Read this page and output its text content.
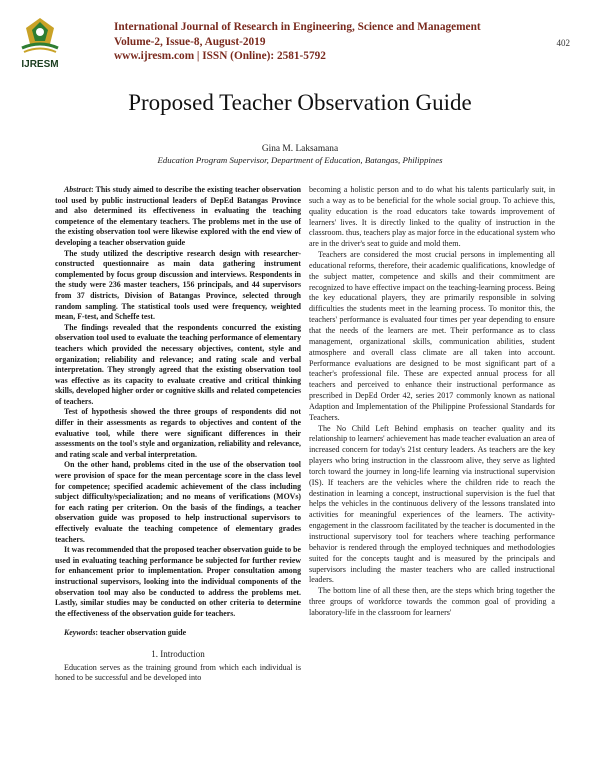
IJRESM
International Journal of Research in Engineering, Science and Management
Volume-2, Issue-8, August-2019
www.ijresm.com | ISSN (Online): 2581-5792
402
Proposed Teacher Observation Guide
Gina M. Laksamana
Education Program Supervisor, Department of Education, Batangas, Philippines

Abstract: This study aimed to describe the existing teacher observation tool used by public instructional leaders of DepEd Batangas Province and also determined its effectiveness in evaluating the teaching competence of the elementary teachers. The problems met in the use of the existing observation tool were likewise explored with the end view of developing a teacher observation guide

The study utilized the descriptive research design with researcher-constructed questionnaire as main data gathering instrument complemented by focus group discussion and interviews. Respondents in the study were 236 master teachers, 156 principals, and 44 supervisors from 37 districts, Division of Batangas Province, selected through random sampling. The statistical tools used were frequency, weighted mean, F-test, and Scheffe test.

The findings revealed that the respondents concurred the existing observation tool used to evaluate the teaching performance of elementary teachers which provided the necessary objectives, content, style and organization; reliability and relevance; and rating scale and verbal interpretation. They strongly agreed that the existing observation tool was effective as its capacity to evaluate creative and critical thinking skills, developed higher order or cognitive skills and related competencies of teachers.

Test of hypothesis showed the three groups of respondents did not differ in their assessments as regards to objectives and content of the evaluative tool, while there were significant differences in their assessments on the tool's style and organization, reliability and relevance, and rating scale and verbal interpretation.

On the other hand, problems cited in the use of the observation tool were provision of space for the mean percentage score in the class level for competence; specified academic achievement of the class including subject difficulty/specialization; and no means of verifications (MOVs) for each rating per criterion. On the basis of the findings, a teacher observation guide was proposed to help instructional supervisors to effectively evaluate the teaching competence of elementary grades teachers.

It was recommended that the proposed teacher observation guide to be used in evaluating teaching performance be subjected for further review for enhancement prior to implementation. Proper consultation among instructional supervisors, looking into the individual components of the observation tool may also be conducted to address the problems met. Lastly, similar studies may be conducted on other criteria to determine the effectiveness of the observation guide for teachers.

Keywords: teacher observation guide

1. Introduction

Education serves as the training ground from which each individual is honed to be successful and be developed into

becoming a holistic person and to do what his talents particularly suit, in such a way as to be beneficial for the whole social group. To achieve this, quality education is the road educators take towards improvement of learners' lives. It is directly linked to the quality of instruction in the classroom. thus, teachers play as major force in the educational system who are in the driver's seat to guide and mold them.

Teachers are considered the most crucial persons in implementing all educational reforms, therefore, their academic qualifications, knowledge of the subject matter, competence and skills and their commitment are recognized to have effective impact on the teaching-learning process. Being the key educational players, they are primarily responsible in solving difficulties the students meet in the learning process. To monitor this, the teachers' performance is evaluated four times per year depending to ensure that the needs of the learners are met. Their performance as to class management, organizational skills, communication abilities, student atmosphere and overall class climate are all taken into account. Performance evaluations are designed to be most significant part of a teacher's professional file. These are expected annual process for all teachers and perceived to enhance their instructional performance as prescribed in DepEd Order 42, series 2017 commonly known as national Adaption and Implementation of the Philippine Professional Standards for Teachers.

The No Child Left Behind emphasis on teacher quality and its relationship to learners' achievement has made teacher evaluation an area of increased concern for today's 21st century leaders. As teachers are the key players who bring instruction in the classroom alive, they serve as lighted torch toward the journey in long-life learning via instructional supervision (IS). If teachers are the vehicles where the children ride to reach the destination in learning a concept, instructional supervision is the fuel that helps the vehicles in the continuous delivery of the lessons translated into activities for meaningful experiences of the learners. The activity-engagement in the classroom facilitated by the teacher is documented in the instructional supervisory tool for teachers where teaching performance behavior is rendered through the employed techniques and methodologies suited for the concepts taught and is measured by the principals and supervisors including the master teachers who are called instructional leaders.

The bottom line of all these then, are the steps which bring together the three groups of workforce towards the common goal of providing a laboratory-life in the classroom for learners'
